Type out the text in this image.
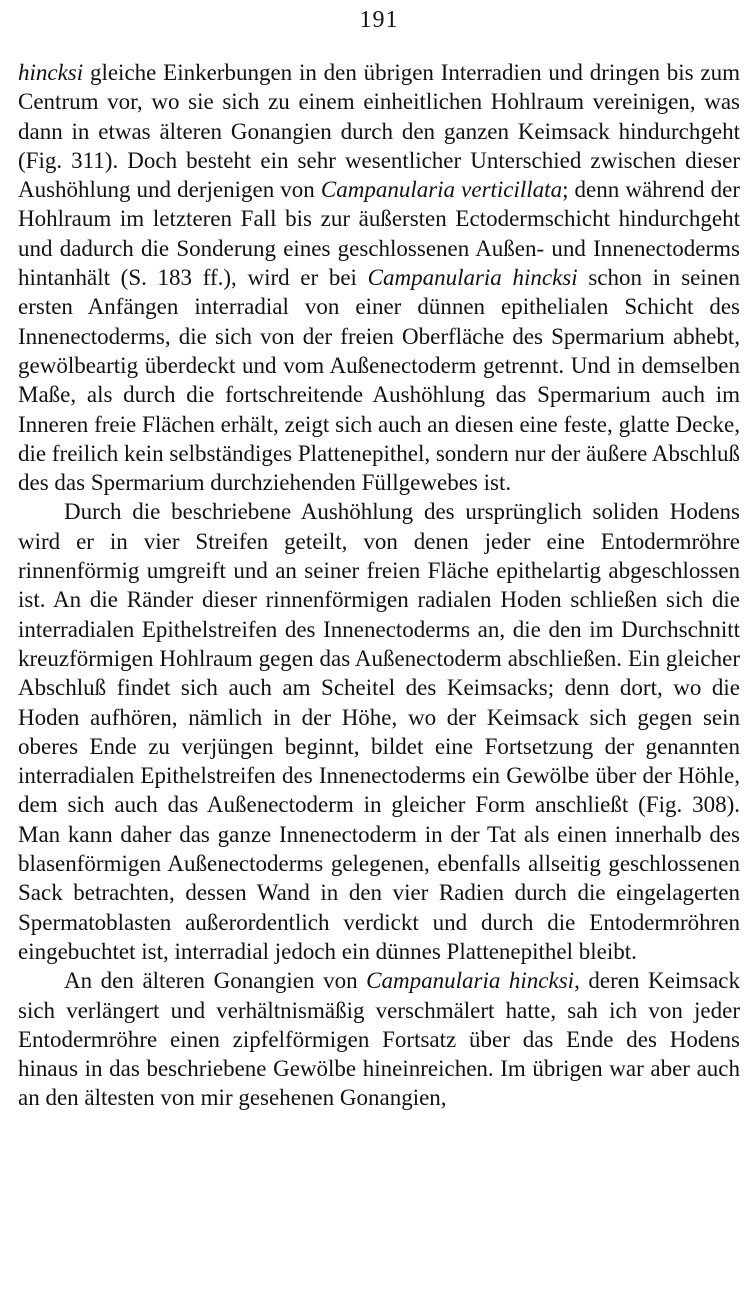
191

hincksi gleiche Einkerbungen in den übrigen Interradien und dringen bis zum Centrum vor, wo sie sich zu einem einheitlichen Hohlraum vereinigen, was dann in etwas älteren Gonangien durch den ganzen Keimsack hindurchgeht (Fig. 311). Doch besteht ein sehr wesentlicher Unterschied zwischen dieser Aushöhlung und derjenigen von Campanularia verticillata; denn während der Hohlraum im letzteren Fall bis zur äußersten Ectodermschicht hindurchgeht und dadurch die Sonderung eines geschlossenen Außen- und Innenectoderms hintanhält (S. 183 ff.), wird er bei Campanularia hincksi schon in seinen ersten Anfängen interradial von einer dünnen epithelialen Schicht des Innenectoderms, die sich von der freien Oberfläche des Spermarium abhebt, gewölbeartig überdeckt und vom Außenectoderm getrennt. Und in demselben Maße, als durch die fortschreitende Aushöhlung das Spermarium auch im Inneren freie Flächen erhält, zeigt sich auch an diesen eine feste, glatte Decke, die freilich kein selbständiges Plattenepithel, sondern nur der äußere Abschluß des das Spermarium durchziehenden Füllgewebes ist.

Durch die beschriebene Aushöhlung des ursprünglich soliden Hodens wird er in vier Streifen geteilt, von denen jeder eine Entodermröhre rinnenförmig umgreift und an seiner freien Fläche epithelartig abgeschlossen ist. An die Ränder dieser rinnenförmigen radialen Hoden schließen sich die interradialen Epithelstreifen des Innenectoderms an, die den im Durchschnitt kreuzförmigen Hohlraum gegen das Außenectoderm abschließen. Ein gleicher Abschluß findet sich auch am Scheitel des Keimsacks; denn dort, wo die Hoden aufhören, nämlich in der Höhe, wo der Keimsack sich gegen sein oberes Ende zu verjüngen beginnt, bildet eine Fortsetzung der genannten interradialen Epithelstreifen des Innenectoderms ein Gewölbe über der Höhle, dem sich auch das Außenectoderm in gleicher Form anschließt (Fig. 308). Man kann daher das ganze Innenectoderm in der Tat als einen innerhalb des blasenförmigen Außenectoderms gelegenen, ebenfalls allseitig geschlossenen Sack betrachten, dessen Wand in den vier Radien durch die eingelagerten Spermatoblasten außerordentlich verdickt und durch die Entodermröhren eingebuchtet ist, interradial jedoch ein dünnes Plattenepithel bleibt.

An den älteren Gonangien von Campanularia hincksi, deren Keimsack sich verlängert und verhältnismäßig verschmälert hatte, sah ich von jeder Entodermröhre einen zipfelförmigen Fortsatz über das Ende des Hodens hinaus in das beschriebene Gewölbe hineinreichen. Im übrigen war aber auch an den ältesten von mir gesehenen Gonangien,
